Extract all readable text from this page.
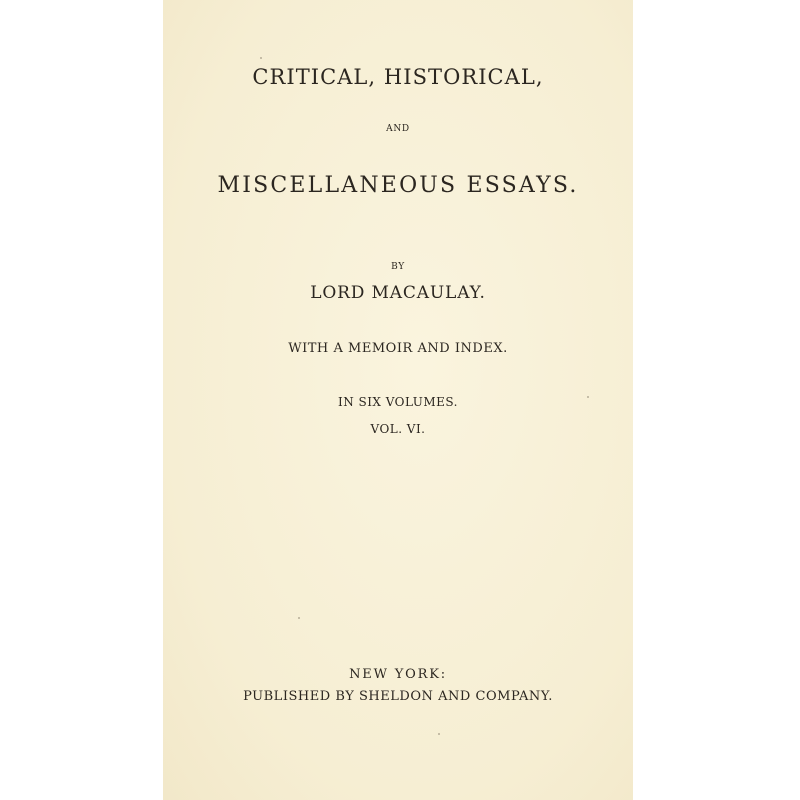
CRITICAL, HISTORICAL,
AND
MISCELLANEOUS ESSAYS.
BY
LORD MACAULAY.
WITH A MEMOIR AND INDEX.
IN SIX VOLUMES.
VOL. VI.
NEW YORK:
PUBLISHED BY SHELDON AND COMPANY.
